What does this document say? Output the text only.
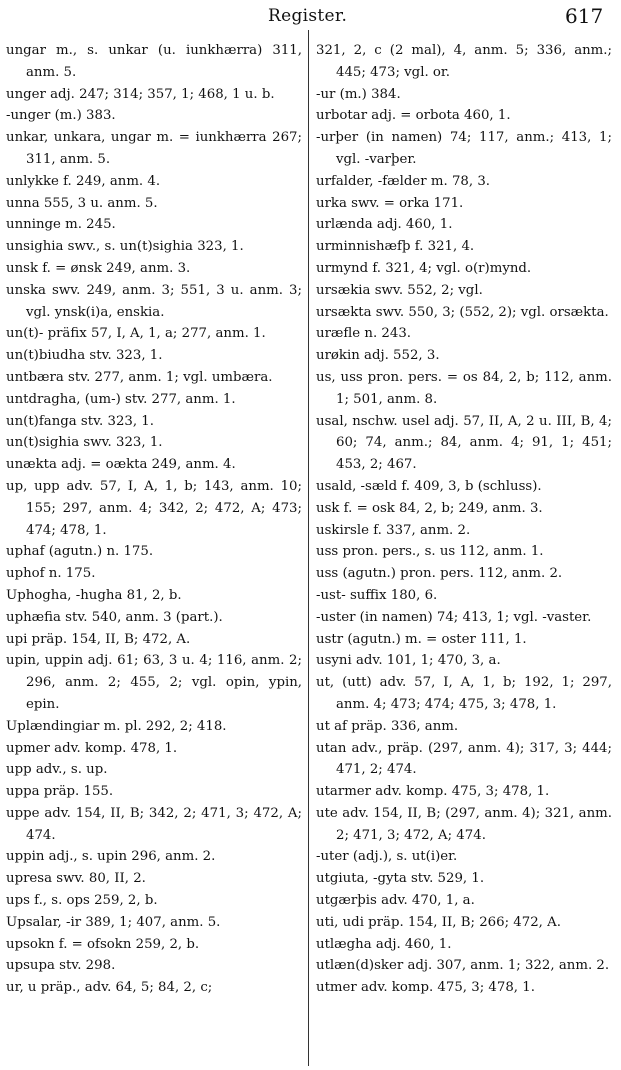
Register.	617
ungar m., s. unkar (u. iunkhærra) 311, anm. 5.
unger adj. 247; 314; 357, 1; 468, 1 u. b.
-unger (m.) 383.
unkar, unkara, ungar m. = iunkhærra 267; 311, anm. 5.
unlykke f. 249, anm. 4.
unna 555, 3 u. anm. 5.
unninge m. 245.
unsighia swv., s. un(t)sighia 323, 1.
unsk f. = ønsk 249, anm. 3.
unska swv. 249, anm. 3; 551, 3 u. anm. 3; vgl. ynsk(i)a, enskia.
un(t)- präfix 57, I, A, 1, a; 277, anm. 1.
un(t)biudha stv. 323, 1.
untbæra stv. 277, anm. 1; vgl. umbæra.
untdragha, (um-) stv. 277, anm. 1.
un(t)fanga stv. 323, 1.
un(t)sighia swv. 323, 1.
unækta adj. = oækta 249, anm. 4.
up, upp adv. 57, I, A, 1, b; 143, anm. 10; 155; 297, anm. 4; 342, 2; 472, A; 473; 474; 478, 1.
uphaf (agutn.) n. 175.
uphof n. 175.
Uphogha, -hugha 81, 2, b.
uphæfia stv. 540, anm. 3 (part.).
upi präp. 154, II, B; 472, A.
upin, uppin adj. 61; 63, 3 u. 4; 116, anm. 2; 296, anm. 2; 455, 2; vgl. opin, ypin, epin.
Uplændingiar m. pl. 292, 2; 418.
upmer adv. komp. 478, 1.
upp adv., s. up.
uppa präp. 155.
uppe adv. 154, II, B; 342, 2; 471, 3; 472, A; 474.
uppin adj., s. upin 296, anm. 2.
upresa swv. 80, II, 2.
ups f., s. ops 259, 2, b.
Upsalar, -ir 389, 1; 407, anm. 5.
upsokn f. = ofsokn 259, 2, b.
upsupa stv. 298.
ur, u präp., adv. 64, 5; 84, 2, c;
321, 2, c (2 mal), 4, anm. 5; 336, anm.; 445; 473; vgl. or.
-ur (m.) 384.
urbotar adj. = orbota 460, 1.
-urþer (in namen) 74; 117, anm.; 413, 1; vgl. -varþer.
urfalder, -fælder m. 78, 3.
urka swv. = orka 171.
urlænda adj. 460, 1.
urminnishæfþ f. 321, 4.
urmynd f. 321, 4; vgl. o(r)mynd.
ursækia swv. 552, 2; vgl.
ursækta swv. 550, 3; (552, 2); vgl. orsækta.
uræfle n. 243.
urøkin adj. 552, 3.
us, uss pron. pers. = os 84, 2, b; 112, anm. 1; 501, anm. 8.
usal, nschw. usel adj. 57, II, A, 2 u. III, B, 4; 60; 74, anm.; 84, anm. 4; 91, 1; 451; 453, 2; 467.
usald, -sæld f. 409, 3, b (schluss).
usk f. = osk 84, 2, b; 249, anm. 3.
uskirsle f. 337, anm. 2.
uss pron. pers., s. us 112, anm. 1.
uss (agutn.) pron. pers. 112, anm. 2.
-ust- suffix 180, 6.
-uster (in namen) 74; 413, 1; vgl. -vaster.
ustr (agutn.) m. = oster 111, 1.
usyni adv. 101, 1; 470, 3, a.
ut, (utt) adv. 57, I, A, 1, b; 192, 1; 297, anm. 4; 473; 474; 475, 3; 478, 1.
ut af präp. 336, anm.
utan adv., präp. (297, anm. 4); 317, 3; 444; 471, 2; 474.
utarmer adv. komp. 475, 3; 478, 1.
ute adv. 154, II, B; (297, anm. 4); 321, anm. 2; 471, 3; 472, A; 474.
-uter (adj.), s. ut(i)er.
utgiuta, -gyta stv. 529, 1.
utgærþis adv. 470, 1, a.
uti, udi präp. 154, II, B; 266; 472, A.
utlægha adj. 460, 1.
utlæn(d)sker adj. 307, anm. 1; 322, anm. 2.
utmer adv. komp. 475, 3; 478, 1.
